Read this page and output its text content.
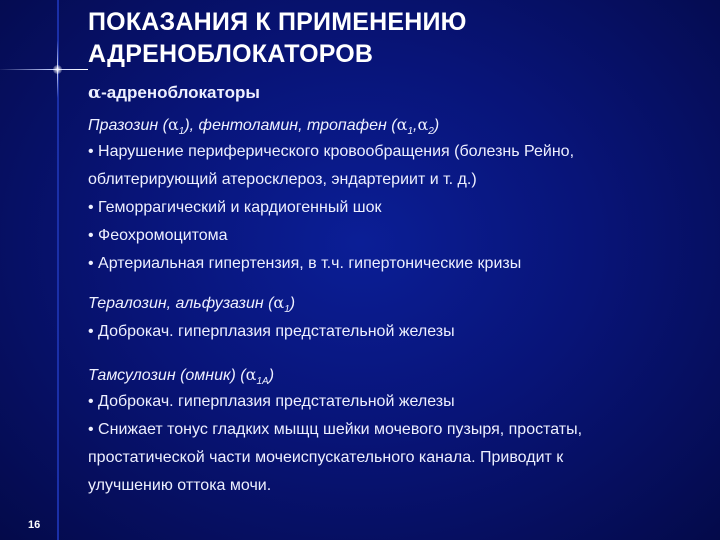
ПОКАЗАНИЯ К ПРИМЕНЕНИЮ
АДРЕНОБЛОКАТОРОВ
α-адреноблокаторы
Празозин $(\alpha_1)$, фентоламин, тропафен $(\alpha_1,\alpha_2)$
• Нарушение периферического кровообращения (болезнь Рейно,
облитерирующий атеросклероз, эндартериит и т. д.)
• Геморрагический и кардиогенный шок
• Феохромоцитома
• Артериальная гипертензия, в т.ч. гипертонические кризы
Тералозин, альфузазин $(\alpha_1)$
• Доброкач. гиперплазия предстательной железы
Тамсулозин (омник) $(\alpha_{1A})$
• Доброкач. гиперплазия предстательной железы
• Снижает тонус гладких мыщц шейки мочевого пузыря, простаты,
простатической части мочеиспускательного канала. Приводит к
улучшению оттока мочи.
16
